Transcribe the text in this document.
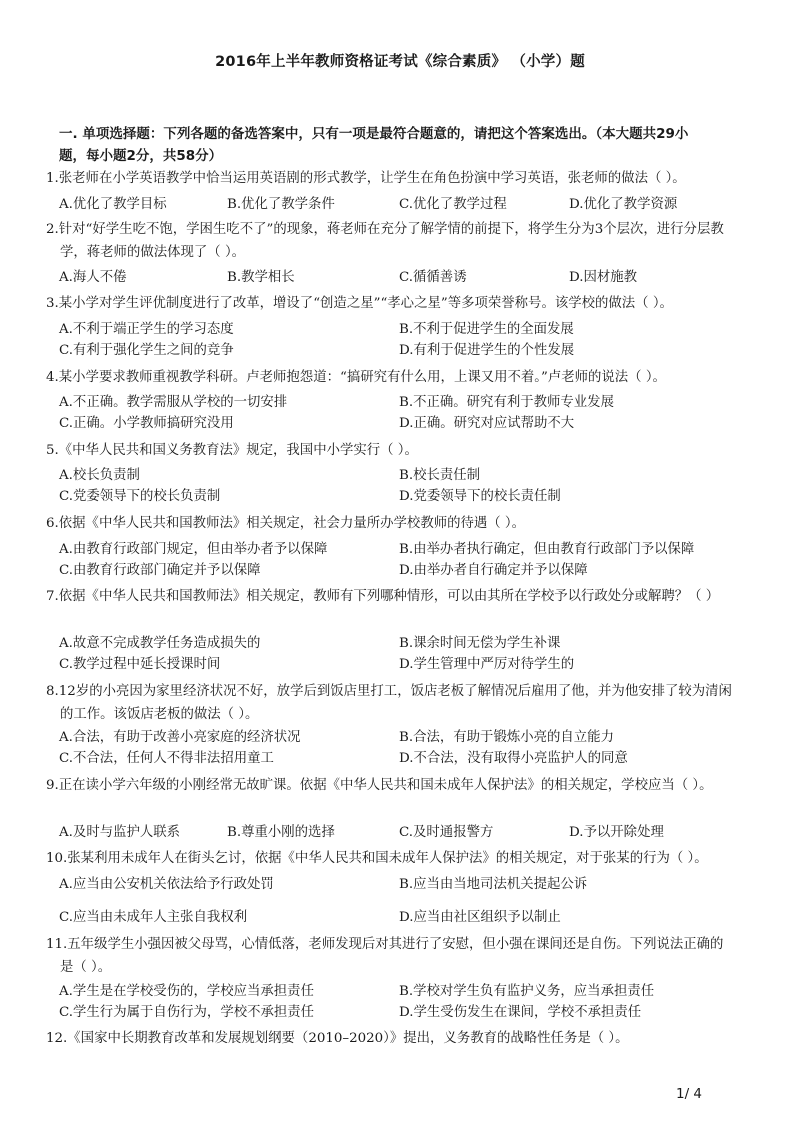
2016年上半年教师资格证考试《综合素质》 （小学）题
一. 单项选择题：下列各题的备选答案中，只有一项是最符合题意的，请把这个答案选出。（本大题共29小题，每小题2分，共58分）
1.张老师在小学英语教学中恰当运用英语剧的形式教学，让学生在角色扮演中学习英语，张老师的做法（ ）。
A.优化了教学目标	B.优化了教学条件	C.优化了教学过程	D.优化了教学资源
2.针对“好学生吃不饱，学困生吃不了”的现象，蒋老师在充分了解学情的前提下，将学生分为3个层次，进行分层教学，蒋老师的做法体现了（ ）。
A.海人不倦	B.教学相长	C.循循善诱	D.因材施教
3.某小学对学生评优制度进行了改革，增设了“创造之星”“孝心之星”等多项荣誉称号。该学校的做法（ ）。
A.不利于端正学生的学习态度	B.不利于促进学生的全面发展
C.有利于强化学生之间的竞争	D.有利于促进学生的个性发展
4.某小学要求教师重视教学科研。卢老师抱怨道：“搞研究有什么用，上课又用不着。”卢老师的说法（ ）。
A.不正确。教学需服从学校的一切安排	B.不正确。研究有利于教师专业发展
C.正确。小学教师搞研究没用	D.正确。研究对应试帮助不大
5.《中华人民共和国义务教育法》规定，我国中小学实行（ ）。
A.校长负责制	B.校长责任制
C.党委领导下的校长负责制	D.党委领导下的校长责任制
6.依据《中华人民共和国教师法》相关规定，社会力量所办学校教师的待遇（ ）。
A.由教育行政部门规定，但由举办者予以保障	B.由举办者执行确定，但由教育行政部门予以保障
C.由教育行政部门确定并予以保障	D.由举办者自行确定并予以保障
7.依据《中华人民共和国教师法》相关规定，教师有下列哪种情形，可以由其所在学校予以行政处分或解聘？（ ）
A.故意不完成教学任务造成损失的	B.课余时间无偿为学生补课
C.教学过程中延长授课时间	D.学生管理中严厉对待学生的
8.12岁的小亮因为家里经济状况不好，放学后到饭店里打工，饭店老板了解情况后雇用了他，并为他安排了较为清闲的工作。该饭店老板的做法（ ）。
A.合法，有助于改善小亮家庭的经济状况	B.合法，有助于锻炼小亮的自立能力
C.不合法，任何人不得非法招用童工	D.不合法，没有取得小亮监护人的同意
9.正在读小学六年级的小刚经常无故旷课。依据《中华人民共和国未成年人保护法》的相关规定，学校应当（ ）。
A.及时与监护人联系	B.尊重小刚的选择	C.及时通报警方	D.予以开除处理
10.张某利用未成年人在街头乞讨，依据《中华人民共和国未成年人保护法》的相关规定，对于张某的行为（ ）。
A.应当由公安机关依法给予行政处罚	B.应当由当地司法机关提起公诉
C.应当由未成年人主张自我权利	D.应当由社区组织予以制止
11.五年级学生小强因被父母骂，心情低落，老师发现后对其进行了安慰，但小强在课间还是自伤。下列说法正确的是（ ）。
A.学生是在学校受伤的，学校应当承担责任	B.学校对学生负有监护义务，应当承担责任
C.学生行为属于自伤行为，学校不承担责任	D.学生受伤发生在课间，学校不承担责任
12.《国家中长期教育改革和发展规划纲要（2010–2020）》提出，义务教育的战略性任务是（ ）。
1/ 4
